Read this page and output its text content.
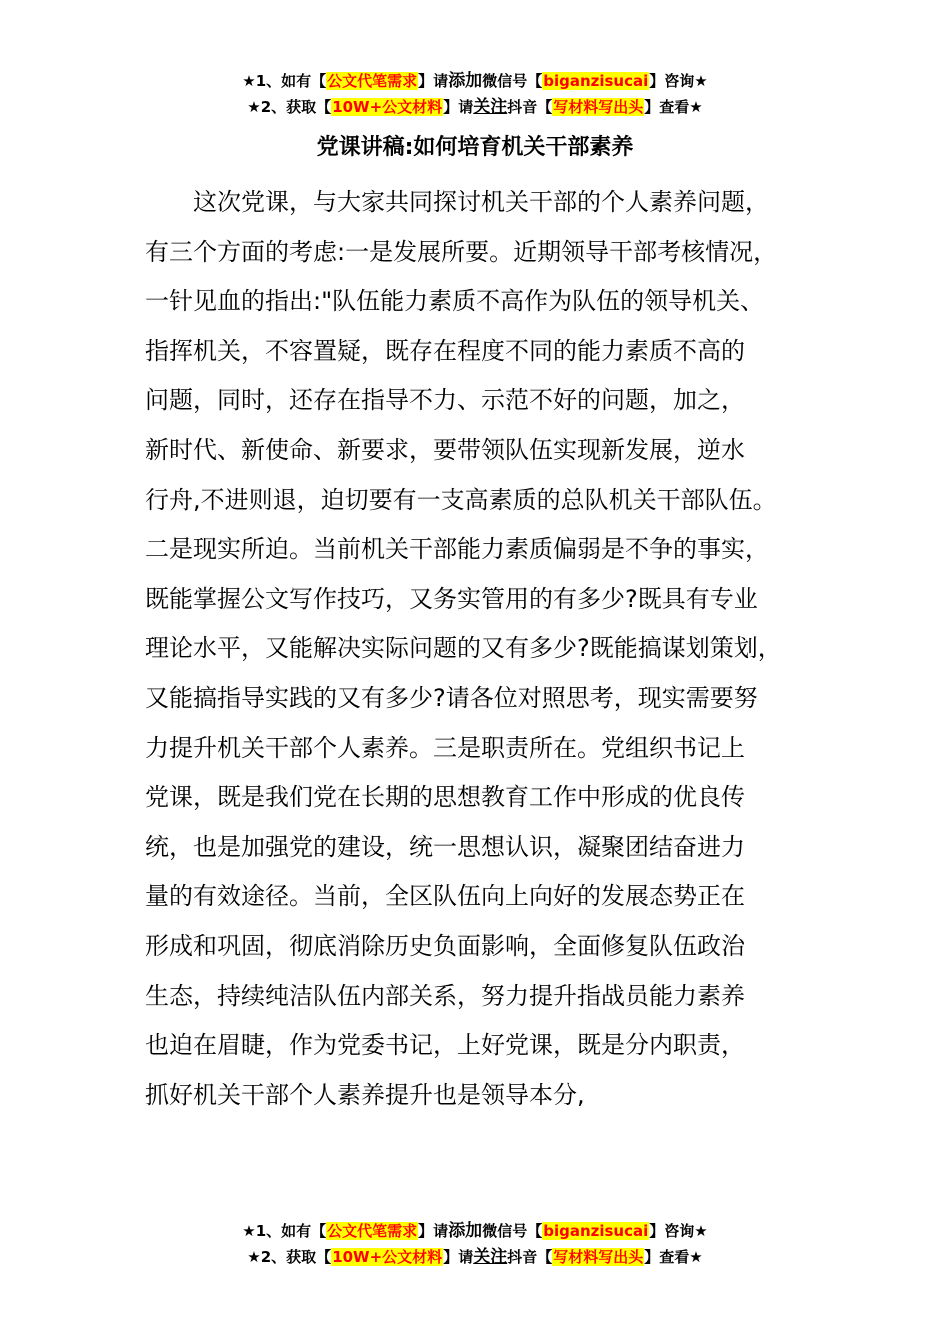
★1、如有【公文代笔需求】请添加微信号【biganzisucai】咨询★
★2、获取【10W+公文材料】请关注抖音【写材料写出头】查看★
党课讲稿:如何培育机关干部素养
　　这次党课，与大家共同探讨机关干部的个人素养问题，
有三个方面的考虑:一是发展所要。近期领导干部考核情况，
一针见血的指出:"队伍能力素质不高作为队伍的领导机关、
指挥机关，不容置疑，既存在程度不同的能力素质不高的
问题，同时，还存在指导不力、示范不好的问题，加之，
新时代、新使命、新要求，要带领队伍实现新发展，逆水
行舟,不进则退，迫切要有一支高素质的总队机关干部队伍。
二是现实所迫。当前机关干部能力素质偏弱是不争的事实，
既能掌握公文写作技巧，又务实管用的有多少?既具有专业
理论水平，又能解决实际问题的又有多少?既能搞谋划策划，
又能搞指导实践的又有多少?请各位对照思考，现实需要努
力提升机关干部个人素养。三是职责所在。党组织书记上
党课，既是我们党在长期的思想教育工作中形成的优良传
统，也是加强党的建设，统一思想认识，凝聚团结奋进力
量的有效途径。当前，全区队伍向上向好的发展态势正在
形成和巩固，彻底消除历史负面影响，全面修复队伍政治
生态，持续纯洁队伍内部关系，努力提升指战员能力素养
也迫在眉睫，作为党委书记，上好党课，既是分内职责，
抓好机关干部个人素养提升也是领导本分,
★1、如有【公文代笔需求】请添加微信号【biganzisucai】咨询★
★2、获取【10W+公文材料】请关注抖音【写材料写出头】查看★
